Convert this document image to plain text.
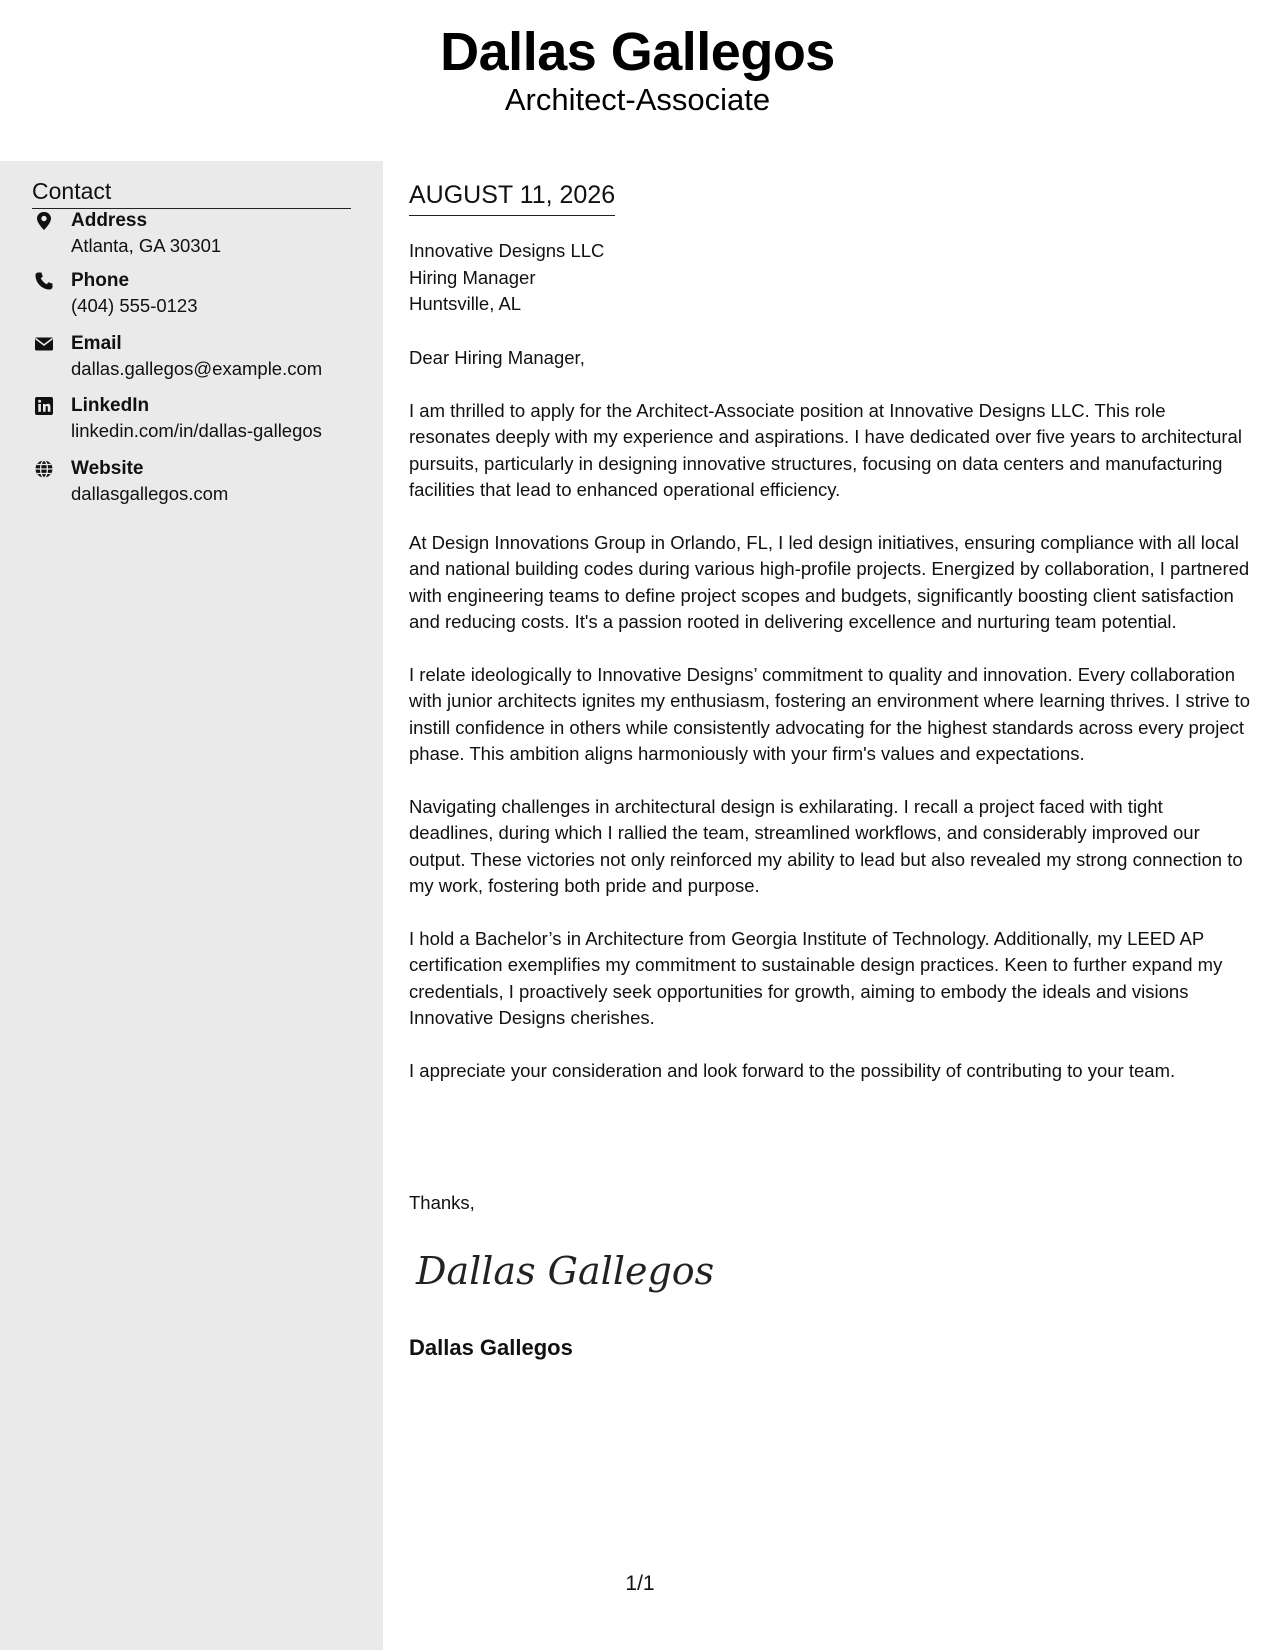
Dallas Gallegos
Architect-Associate
Contact
Address
Atlanta, GA 30301
Phone
(404) 555-0123
Email
dallas.gallegos@example.com
LinkedIn
linkedin.com/in/dallas-gallegos
Website
dallasgallegos.com
AUGUST 11, 2026
Innovative Designs LLC
Hiring Manager
Huntsville, AL

Dear Hiring Manager,

I am thrilled to apply for the Architect-Associate position at Innovative Designs LLC. This role resonates deeply with my experience and aspirations. I have dedicated over five years to architectural pursuits, particularly in designing innovative structures, focusing on data centers and manufacturing facilities that lead to enhanced operational efficiency.

At Design Innovations Group in Orlando, FL, I led design initiatives, ensuring compliance with all local and national building codes during various high-profile projects. Energized by collaboration, I partnered with engineering teams to define project scopes and budgets, significantly boosting client satisfaction and reducing costs. It's a passion rooted in delivering excellence and nurturing team potential.

I relate ideologically to Innovative Designs’ commitment to quality and innovation. Every collaboration with junior architects ignites my enthusiasm, fostering an environment where learning thrives. I strive to instill confidence in others while consistently advocating for the highest standards across every project phase. This ambition aligns harmoniously with your firm's values and expectations.

Navigating challenges in architectural design is exhilarating. I recall a project faced with tight deadlines, during which I rallied the team, streamlined workflows, and considerably improved our output. These victories not only reinforced my ability to lead but also revealed my strong connection to my work, fostering both pride and purpose.

I hold a Bachelor’s in Architecture from Georgia Institute of Technology. Additionally, my LEED AP certification exemplifies my commitment to sustainable design practices. Keen to further expand my credentials, I proactively seek opportunities for growth, aiming to embody the ideals and visions Innovative Designs cherishes.

I appreciate your consideration and look forward to the possibility of contributing to your team.

Thanks,
Dallas Gallegos
Dallas Gallegos
1/1
